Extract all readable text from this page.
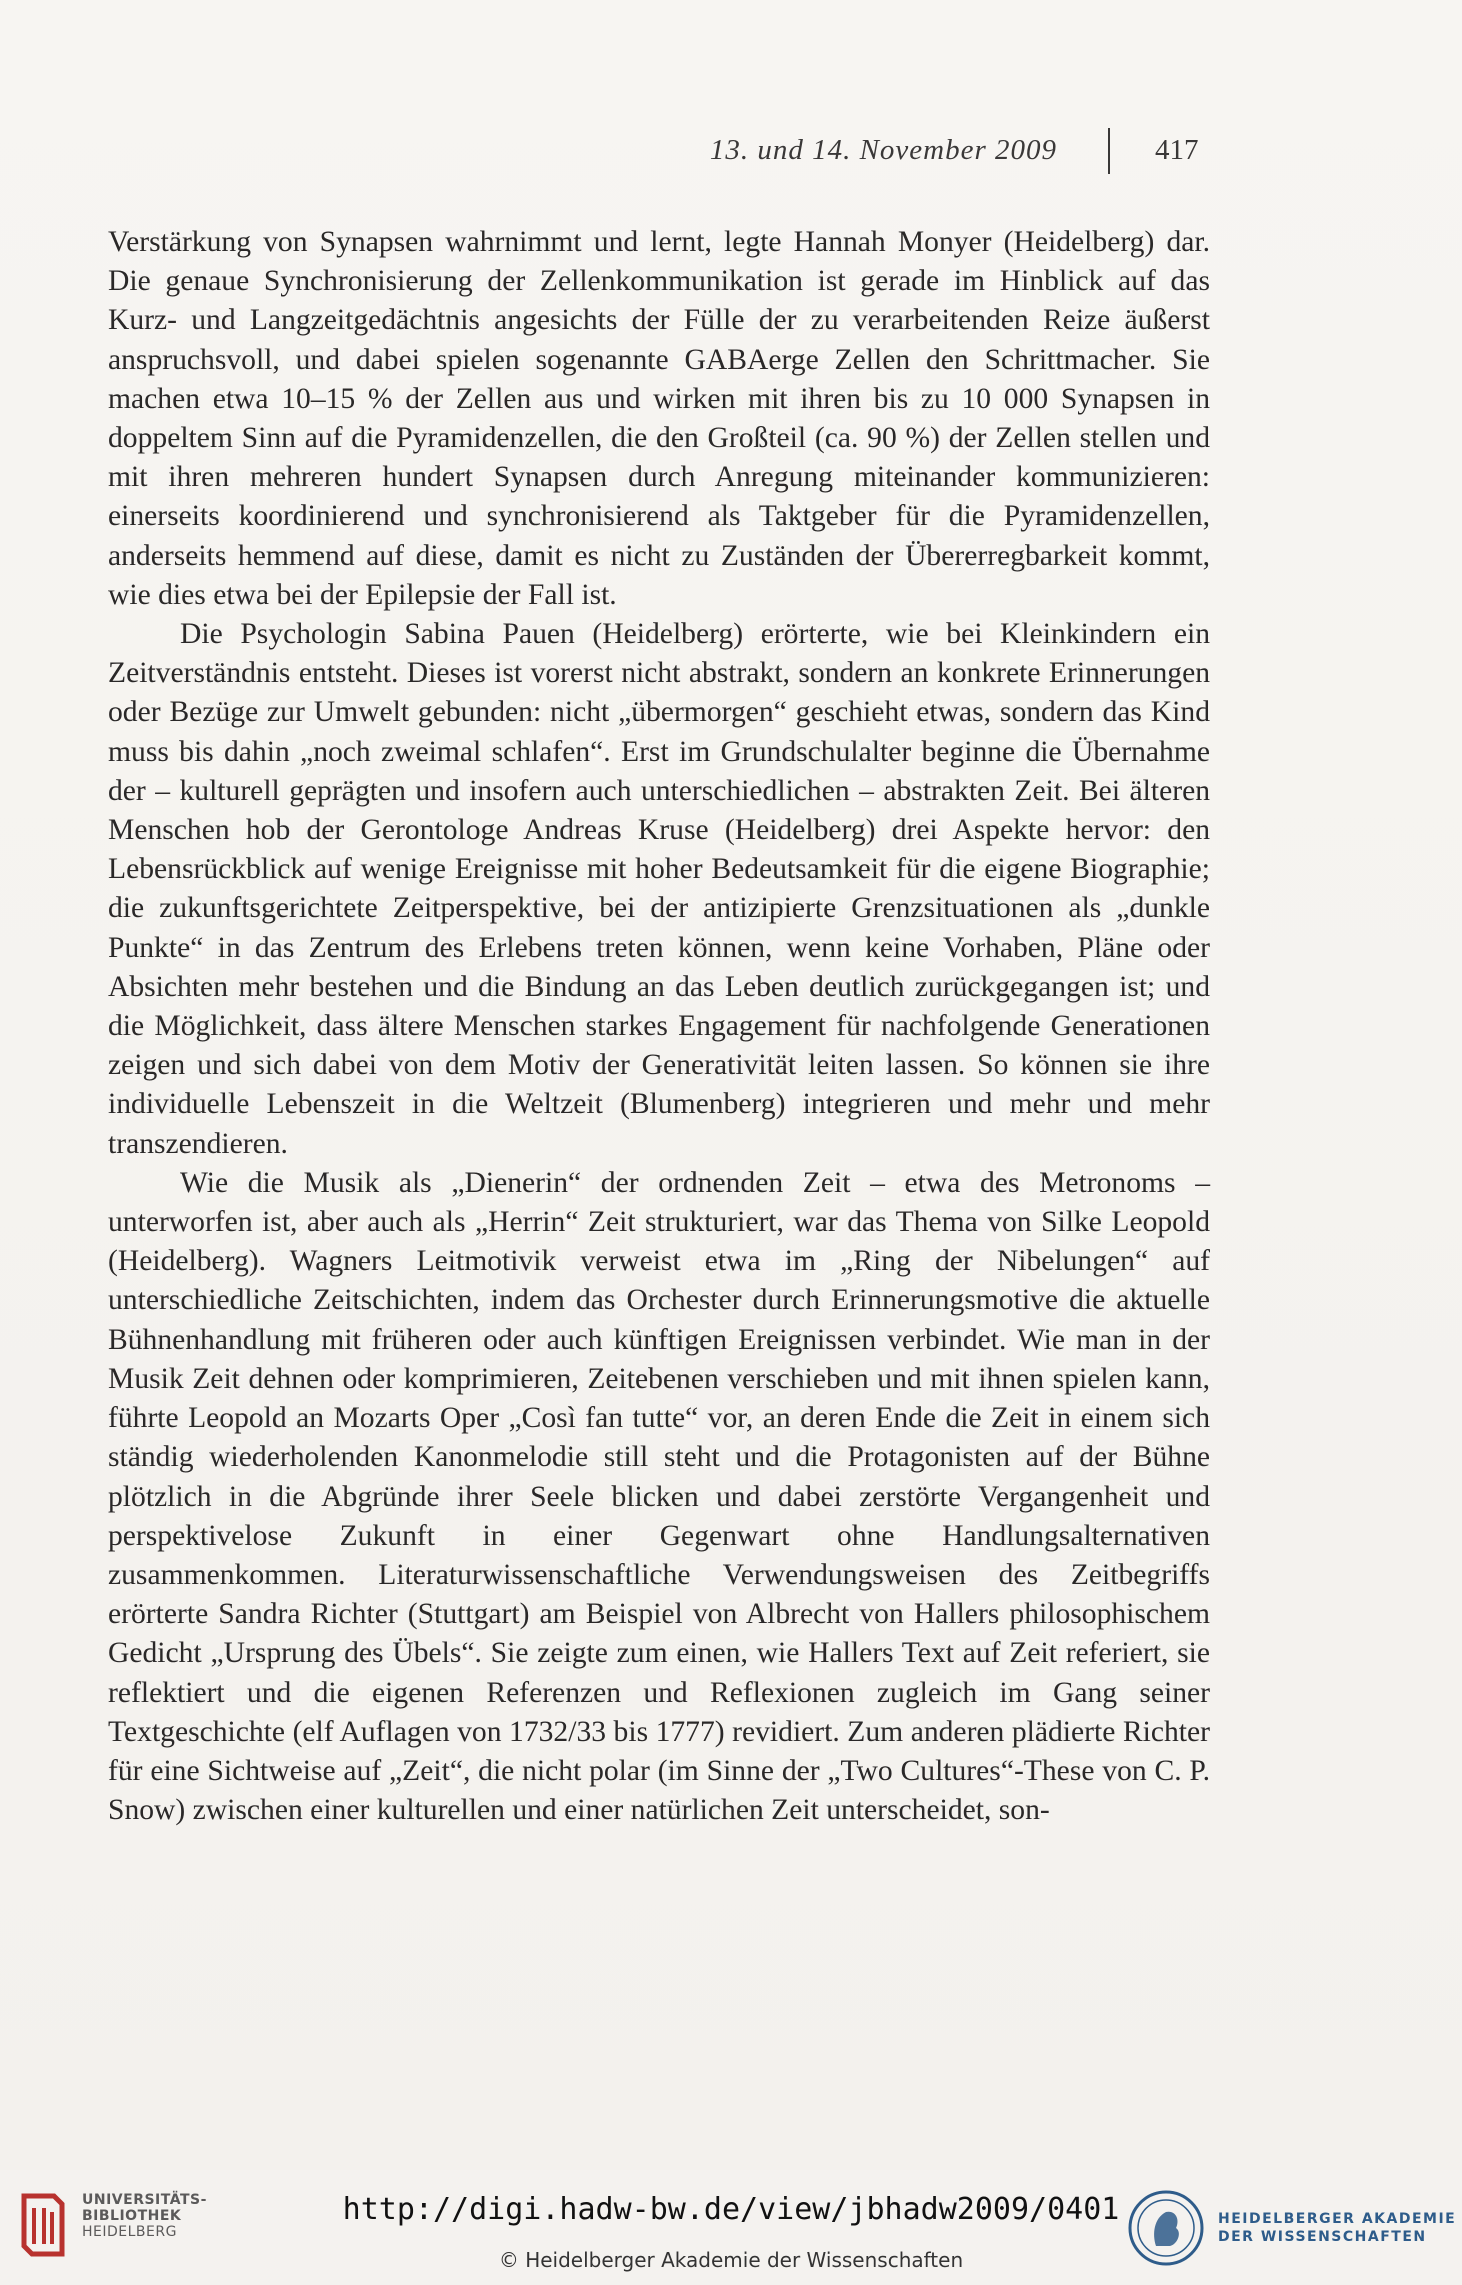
13. und 14. November 2009	417

Verstärkung von Synapsen wahrnimmt und lernt, legte Hannah Monyer (Heidelberg) dar. Die genaue Synchronisierung der Zellenkommunikation ist gerade im Hinblick auf das Kurz- und Langzeitgedächtnis angesichts der Fülle der zu verarbeitenden Reize äußerst anspruchsvoll, und dabei spielen sogenannte GABAerge Zellen den Schrittmacher. Sie machen etwa 10–15 % der Zellen aus und wirken mit ihren bis zu 10 000 Synapsen in doppeltem Sinn auf die Pyramidenzellen, die den Großteil (ca. 90 %) der Zellen stellen und mit ihren mehreren hundert Synapsen durch Anregung miteinander kommunizieren: einerseits koordinierend und synchronisierend als Taktgeber für die Pyramidenzellen, anderseits hemmend auf diese, damit es nicht zu Zuständen der Übererregbarkeit kommt, wie dies etwa bei der Epilepsie der Fall ist.

Die Psychologin Sabina Pauen (Heidelberg) erörterte, wie bei Kleinkindern ein Zeitverständnis entsteht. Dieses ist vorerst nicht abstrakt, sondern an konkrete Erinnerungen oder Bezüge zur Umwelt gebunden: nicht „übermorgen“ geschieht etwas, sondern das Kind muss bis dahin „noch zweimal schlafen“. Erst im Grundschulalter beginne die Übernahme der – kulturell geprägten und insofern auch unterschiedlichen – abstrakten Zeit. Bei älteren Menschen hob der Gerontologe Andreas Kruse (Heidelberg) drei Aspekte hervor: den Lebensrückblick auf wenige Ereignisse mit hoher Bedeutsamkeit für die eigene Biographie; die zukunftsgerichtete Zeitperspektive, bei der antizipierte Grenzsituationen als „dunkle Punkte“ in das Zentrum des Erlebens treten können, wenn keine Vorhaben, Pläne oder Absichten mehr bestehen und die Bindung an das Leben deutlich zurückgegangen ist; und die Möglichkeit, dass ältere Menschen starkes Engagement für nachfolgende Generationen zeigen und sich dabei von dem Motiv der Generativität leiten lassen. So können sie ihre individuelle Lebenszeit in die Weltzeit (Blumenberg) integrieren und mehr und mehr transzendieren.

Wie die Musik als „Dienerin“ der ordnenden Zeit – etwa des Metronoms – unterworfen ist, aber auch als „Herrin“ Zeit strukturiert, war das Thema von Silke Leopold (Heidelberg). Wagners Leitmotivik verweist etwa im „Ring der Nibelungen“ auf unterschiedliche Zeitschichten, indem das Orchester durch Erinnerungsmotive die aktuelle Bühnenhandlung mit früheren oder auch künftigen Ereignissen verbindet. Wie man in der Musik Zeit dehnen oder komprimieren, Zeitebenen verschieben und mit ihnen spielen kann, führte Leopold an Mozarts Oper „Così fan tutte“ vor, an deren Ende die Zeit in einem sich ständig wiederholenden Kanonmelodie still steht und die Protagonisten auf der Bühne plötzlich in die Abgründe ihrer Seele blicken und dabei zerstörte Vergangenheit und perspektivelose Zukunft in einer Gegenwart ohne Handlungsalternativen zusammenkommen. Literaturwissenschaftliche Verwendungsweisen des Zeitbegriffs erörterte Sandra Richter (Stuttgart) am Beispiel von Albrecht von Hallers philosophischem Gedicht „Ursprung des Übels“. Sie zeigte zum einen, wie Hallers Text auf Zeit referiert, sie reflektiert und die eigenen Referenzen und Reflexionen zugleich im Gang seiner Textgeschichte (elf Auflagen von 1732/33 bis 1777) revidiert. Zum anderen plädierte Richter für eine Sichtweise auf „Zeit“, die nicht polar (im Sinne der „Two Cultures“-These von C. P. Snow) zwischen einer kulturellen und einer natürlichen Zeit unterscheidet, son-

UNIVERSITÄTS-
BIBLIOTHEK
HEIDELBERG
http://digi.hadw-bw.de/view/jbhadw2009/0401
© Heidelberger Akademie der Wissenschaften
HEIDELBERGER AKADEMIE
DER WISSENSCHAFTEN
